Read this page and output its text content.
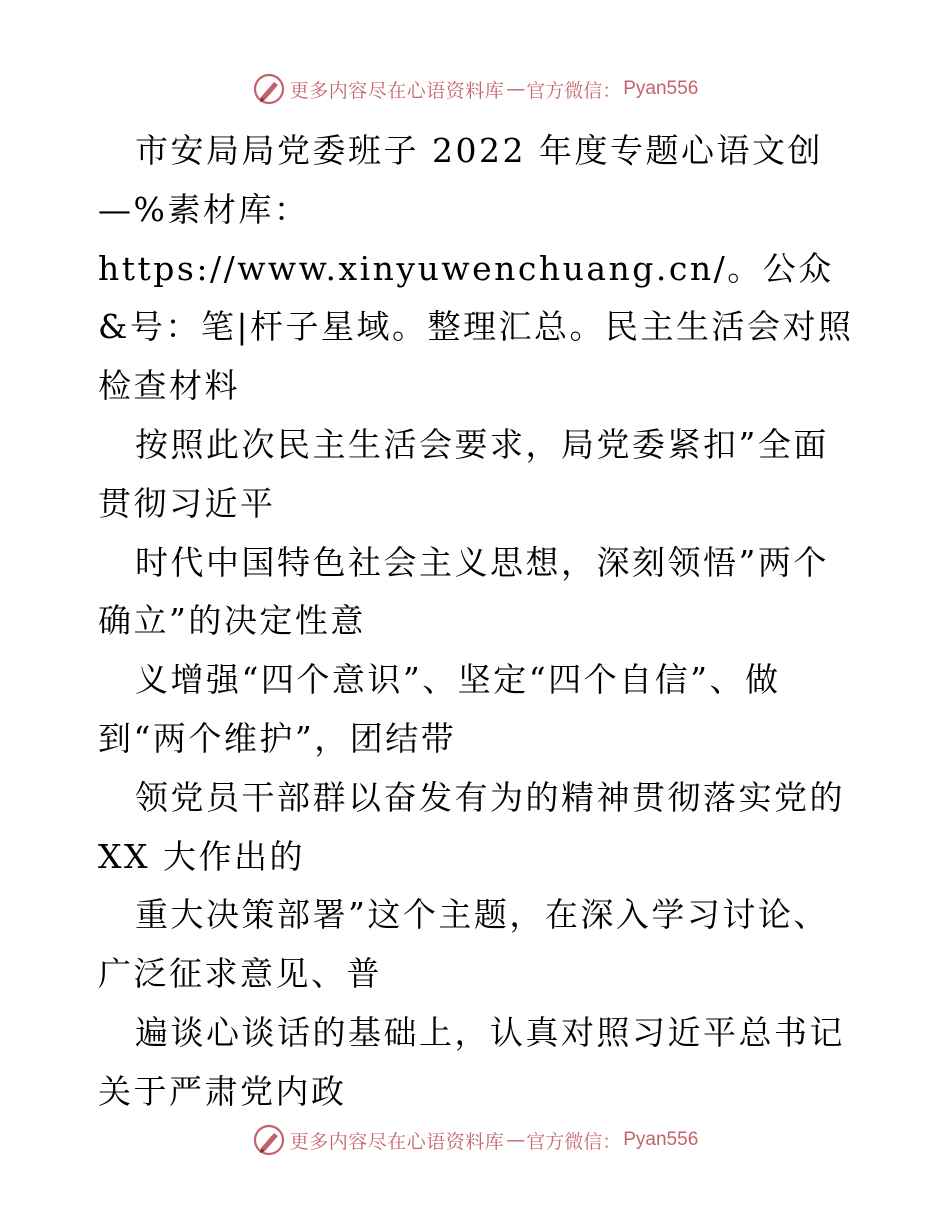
更多内容尽在心语资料库 — 官方微信： Pyan556

市安局局党委班子 2022 年度专题心语文创—%素材库：https://www.xinyuwenchuang.cn/。公众&号：笔|杆子星域。整理汇总。民主生活会对照检查材料

按照此次民主生活会要求，局党委紧扣”全面贯彻习近平

时代中国特色社会主义思想，深刻领悟”两个确立”的决定性意

义增强“四个意识”、坚定“四个自信”、做到“两个维护”，团结带

领党员干部群以奋发有为的精神贯彻落实党的 XX 大作出的

重大决策部署”这个主题，在深入学习讨论、广泛征求意见、普

遍谈心谈话的基础上，认真对照习近平总书记关于严肃党内政

更多内容尽在心语资料库 — 官方微信： Pyan556
